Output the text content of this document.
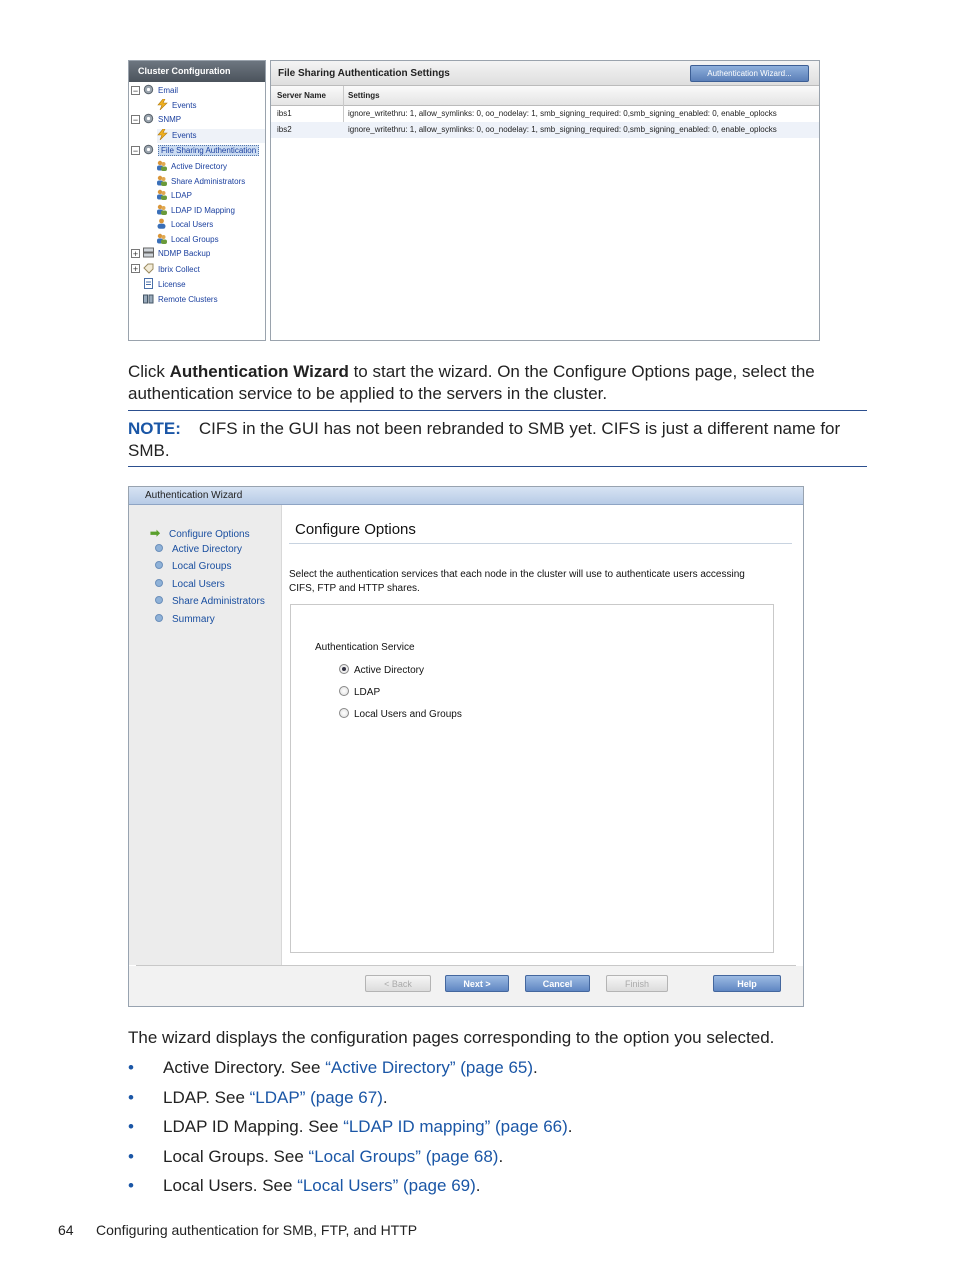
Cluster Configuration
−	Email
Events
−	SNMP
Events
−	File Sharing Authentication
Active Directory
Share Administrators
LDAP
LDAP ID Mapping
Local Users
Local Groups
+	NDMP Backup
+	Ibrix Collect
License
Remote Clusters
File Sharing Authentication Settings	Authentication Wizard...
Server Name	Settings
ibs1	ignore_writethru: 1, allow_symlinks: 0, oo_nodelay: 1, smb_signing_required: 0,smb_signing_enabled: 0, enable_oplocks
ibs2	ignore_writethru: 1, allow_symlinks: 0, oo_nodelay: 1, smb_signing_required: 0,smb_signing_enabled: 0, enable_oplocks
Click Authentication Wizard to start the wizard. On the Configure Options page, select the
authentication service to be applied to the servers in the cluster.
NOTE: CIFS in the GUI has not been rebranded to SMB yet. CIFS is just a different name for
SMB.
Authentication Wizard
➡ Configure Options
Active Directory
Local Groups
Local Users
Share Administrators
Summary
Configure Options
Select the authentication services that each node in the cluster will use to authenticate users accessing
CIFS, FTP and HTTP shares.
Authentication Service
Active Directory
LDAP
Local Users and Groups
< Back	Next >	Cancel	Finish	Help
The wizard displays the configuration pages corresponding to the option you selected.
• Active Directory. See “Active Directory” (page 65).
• LDAP. See “LDAP” (page 67).
• LDAP ID Mapping. See “LDAP ID mapping” (page 66).
• Local Groups. See “Local Groups” (page 68).
• Local Users. See “Local Users” (page 69).
64 Configuring authentication for SMB, FTP, and HTTP
